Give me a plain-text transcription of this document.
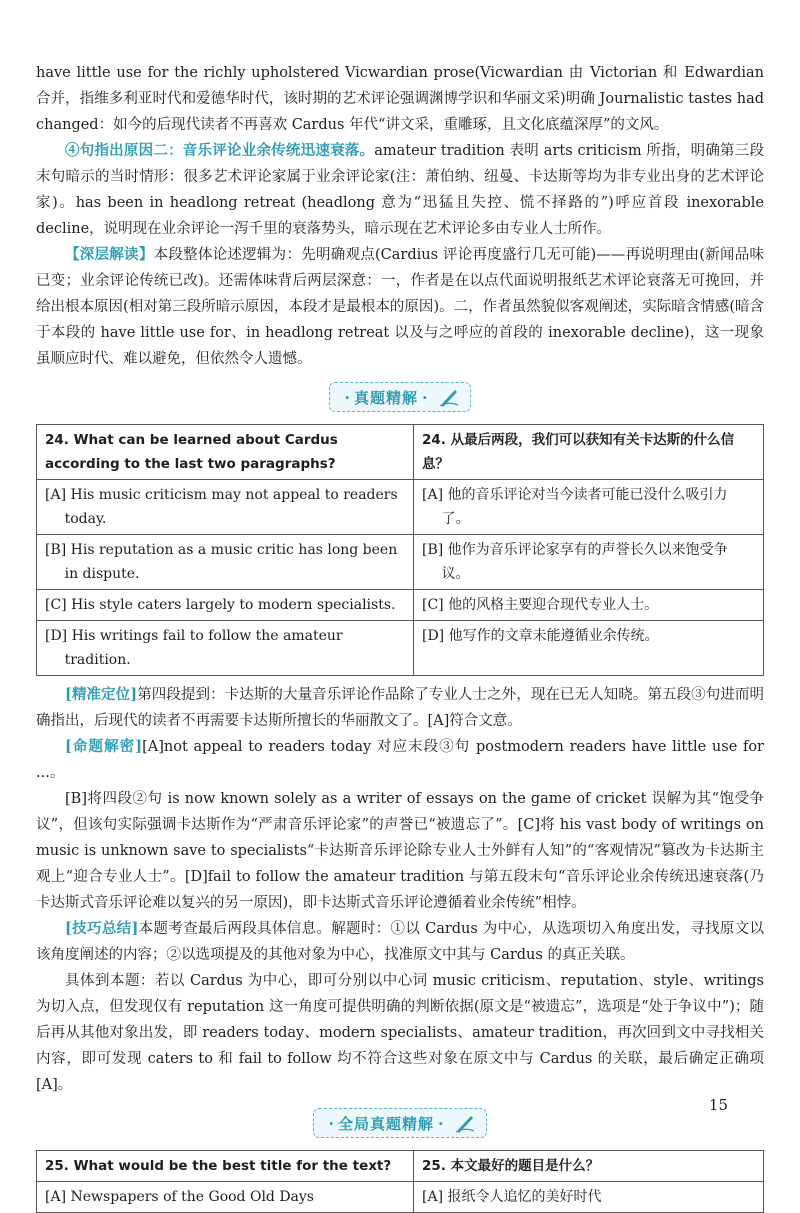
have little use for the richly upholstered Vicwardian prose(Vicwardian 由 Victorian 和 Edwardian 合并，指维多利亚时代和爱德华时代，该时期的艺术评论强调渊博学识和华丽文采)明确 Journalistic tastes had changed：如今的后现代读者不再喜欢 Cardus 年代“讲文采，重雕琢，且文化底蕴深厚”的文风。

④句指出原因二：音乐评论业余传统迅速衰落。amateur tradition 表明 arts criticism 所指，明确第三段末句暗示的当时情形：很多艺术评论家属于业余评论家(注：萧伯纳、纽曼、卡达斯等均为非专业出身的艺术评论家)。has been in headlong retreat (headlong 意为“迅猛且失控、慌不择路的”)呼应首段 inexorable decline，说明现在业余评论一泻千里的衰落势头，暗示现在艺术评论多由专业人士所作。

【深层解读】本段整体论述逻辑为：先明确观点(Cardius 评论再度盛行几无可能)——再说明理由(新闻品味已变；业余评论传统已改)。还需体味背后两层深意：一，作者是在以点代面说明报纸艺术评论衰落无可挽回，并给出根本原因(相对第三段所暗示原因，本段才是最根本的原因)。二，作者虽然貌似客观阐述，实际暗含情感(暗含于本段的 have little use for、in headlong retreat 以及与之呼应的首段的 inexorable decline)，这一现象虽顺应时代、难以避免，但依然令人遗憾。

· 真题精解 ·
24. What can be learned about Cardus according to the last two paragraphs?	24. 从最后两段，我们可以获知有关卡达斯的什么信息？

[A] His music criticism may not appeal to readers today.	[A] 他的音乐评论对当今读者可能已没什么吸引力了。

[B] His reputation as a music critic has long been in dispute.	[B] 他作为音乐评论家享有的声誉长久以来饱受争议。

[C] His style caters largely to modern specialists.	[C] 他的风格主要迎合现代专业人士。

[D] His writings fail to follow the amateur tradition.	[D] 他写作的文章未能遵循业余传统。

[精准定位]第四段提到：卡达斯的大量音乐评论作品除了专业人士之外，现在已无人知晓。第五段③句进而明确指出，后现代的读者不再需要卡达斯所擅长的华丽散文了。[A]符合文意。

[命题解密][A]not appeal to readers today 对应末段③句 postmodern readers have little use for ...。

[B]将四段②句 is now known solely as a writer of essays on the game of cricket 误解为其“饱受争议”，但该句实际强调卡达斯作为“严肃音乐评论家”的声誉已“被遗忘了”。[C]将 his vast body of writings on music is unknown save to specialists“卡达斯音乐评论除专业人士外鲜有人知”的“客观情况”篡改为卡达斯主观上“迎合专业人士”。[D]fail to follow the amateur tradition 与第五段末句“音乐评论业余传统迅速衰落(乃卡达斯式音乐评论难以复兴的另一原因)，即卡达斯式音乐评论遵循着业余传统”相悖。

[技巧总结]本题考查最后两段具体信息。解题时：①以 Cardus 为中心，从选项切入角度出发，寻找原文以该角度阐述的内容；②以选项提及的其他对象为中心，找准原文中其与 Cardus 的真正关联。

具体到本题：若以 Cardus 为中心，即可分别以中心词 music criticism、reputation、style、writings 为切入点，但发现仅有 reputation 这一角度可提供明确的判断依据(原文是“被遗忘”，选项是“处于争议中”)；随后再从其他对象出发，即 readers today、modern specialists、amateur tradition，再次回到文中寻找相关内容，即可发现 caters to 和 fail to follow 均不符合这些对象在原文中与 Cardus 的关联，最后确定正确项[A]。

· 全局真题精解 ·
25. What would be the best title for the text?	25. 本文最好的题目是什么？

[A] Newspapers of the Good Old Days	[A] 报纸令人追忆的美好时代
15
